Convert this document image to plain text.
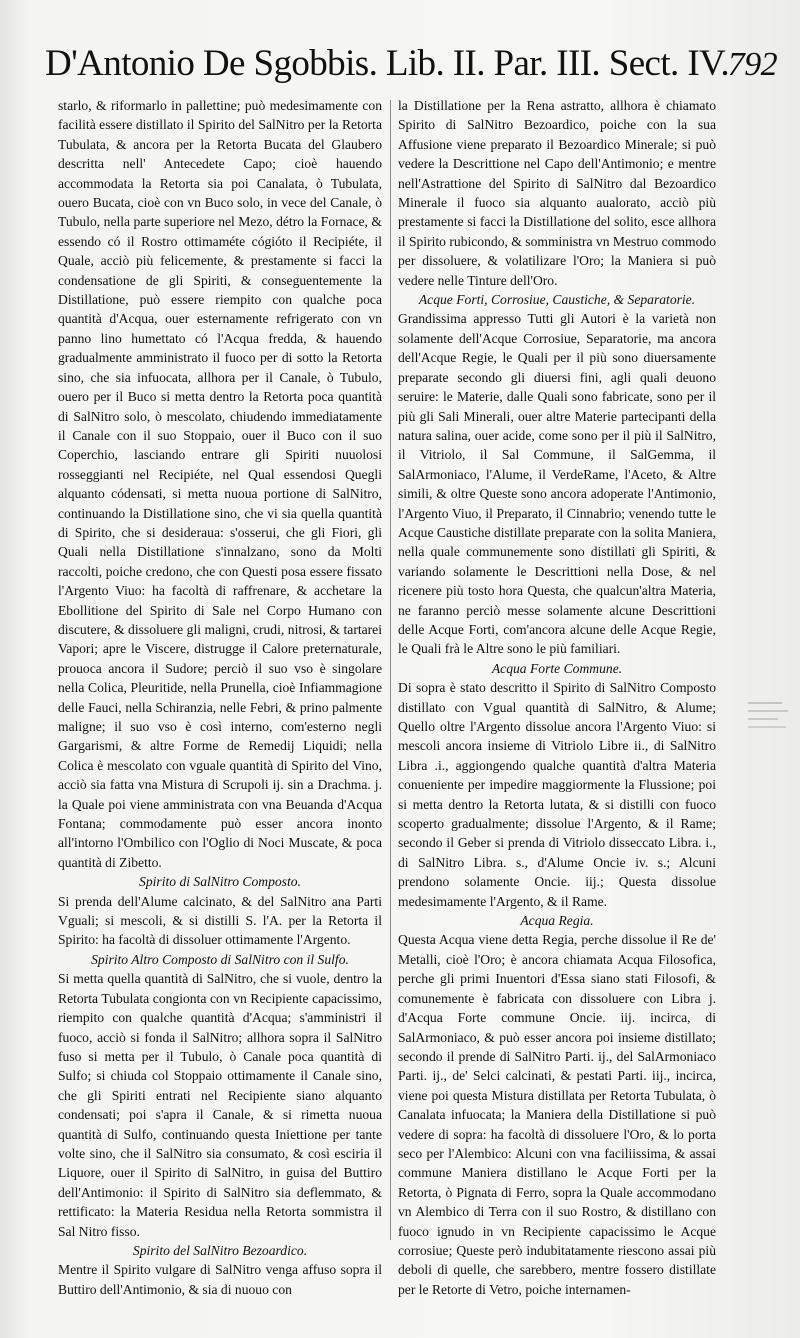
D'Antonio De Sgobbis. Lib. II. Par. III. Sect. IV.
792

starlo, & riformarlo in pallettine; può medesimamente con facilità essere distillato il Spirito del SalNitro per la Retorta Tubulata, & ancora per la Retorta Bucata del Glaubero descritta nell' Antecedete Capo; cioè hauendo accommodata la Retorta sia poi Canalata, ò Tubulata, ouero Bucata, cioè con vn Buco solo, in vece del Canale, ò Tubulo, nella parte superiore nel Mezo, détro la Fornace, & essendo có il Rostro ottimaméte cógióto il Recipiéte, il Quale, acciò più felicemente, & prestamente si facci la condensatione de gli Spiriti, & conseguentemente la Distillatione, può essere riempito con qualche poca quantità d'Acqua, ouer esternamente refrigerato con vn panno lino humettato có l'Acqua fredda, & hauendo gradualmente amministrato il fuoco per di sotto la Retorta sino, che sia infuocata, allhora per il Canale, ò Tubulo, ouero per il Buco si metta dentro la Retorta poca quantità di SalNitro solo, ò mescolato, chiudendo immediatamente il Canale con il suo Stoppaio, ouer il Buco con il suo Coperchio, lasciando entrare gli Spiriti nuuolosi rosseggianti nel Recipiéte, nel Qual essendosi Quegli alquanto códensati, si metta nuoua portione di SalNitro, continuando la Distillatione sino, che vi sia quella quantità di Spirito, che si desideraua: s'osserui, che gli Fiori, gli Quali nella Distillatione s'innalzano, sono da Molti raccolti, poiche credono, che con Questi posa essere fissato l'Argento Viuo: ha facoltà di raffrenare, & acchetare la Ebollitione del Spirito di Sale nel Corpo Humano con discutere, & dissoluere gli maligni, crudi, nitrosi, & tartarei Vapori; apre le Viscere, distrugge il Calore preternaturale, prouoca ancora il Sudore; perciò il suo vso è singolare nella Colica, Pleuritide, nella Prunella, cioè Infiammagione delle Fauci, nella Schiranzia, nelle Febri, & prino palmente maligne; il suo vso è così interno, com'esterno negli Gargarismi, & altre Forme de Remedij Liquidi; nella Colica è mescolato con vguale quantità di Spirito del Vino, acciò sia fatta vna Mistura di Scrupoli ij. sin a Drachma. j. la Quale poi viene amministrata con vna Beuanda d'Acqua Fontana; commodamente può esser ancora inonto all'intorno l'Ombilico con l'Oglio di Noci Muscate, & poca quantità di Zibetto.

Spirito di SalNitro Composto.

Si prenda dell'Alume calcinato, & del SalNitro ana Parti Vguali; si mescoli, & si distilli S. l'A. per la Retorta il Spirito: ha facoltà di dissoluer ottimamente l'Argento.

Spirito Altro Composto di SalNitro con il Sulfo.

Si metta quella quantità di SalNitro, che si vuole, dentro la Retorta Tubulata congionta con vn Recipiente capacissimo, riempito con qualche quantità d'Acqua; s'amministri il fuoco, acciò si fonda il SalNitro; allhora sopra il SalNitro fuso si metta per il Tubulo, ò Canale poca quantità di Sulfo; si chiuda col Stoppaio ottimamente il Canale sino, che gli Spiriti entrati nel Recipiente siano alquanto condensati; poi s'apra il Canale, & si rimetta nuoua quantità di Sulfo, continuando questa Iniettione per tante volte sino, che il SalNitro sia consumato, & così esciria il Liquore, ouer il Spirito di SalNitro, in guisa del Buttiro dell'Antimonio: il Spirito di SalNitro sia deflemmato, & rettificato: la Materia Residua nella Retorta sommistra il Sal Nitro fisso.

Spirito del SalNitro Bezoardico.

Mentre il Spirito vulgare di SalNitro venga affuso sopra il Buttiro dell'Antimonio, & sia di nuouo con

la Distillatione per la Rena astratto, allhora è chiamato Spirito di SalNitro Bezoardico, poiche con la sua Affusione viene preparato il Bezoardico Minerale; si può vedere la Descrittione nel Capo dell'Antimonio; e mentre nell'Astrattione del Spirito di SalNitro dal Bezoardico Minerale il fuoco sia alquanto aualorato, acciò più prestamente si facci la Distillatione del solito, esce allhora il Spirito rubicondo, & somministra vn Mestruo commodo per dissoluere, & volatilizare l'Oro; la Maniera si può vedere nelle Tinture dell'Oro.

Acque Forti, Corrosiue, Caustiche, & Separatorie.

Grandissima appresso Tutti gli Autori è la varietà non solamente dell'Acque Corrosiue, Separatorie, ma ancora dell'Acque Regie, le Quali per il più sono diuersamente preparate secondo gli diuersi fini, agli quali deuono seruire: le Materie, dalle Quali sono fabricate, sono per il più gli Sali Minerali, ouer altre Materie partecipanti della natura salina, ouer acide, come sono per il più il SalNitro, il Vitriolo, il Sal Commune, il SalGemma, il SalArmoniaco, l'Alume, il VerdeRame, l'Aceto, & Altre simili, & oltre Queste sono ancora adoperate l'Antimonio, l'Argento Viuo, il Preparato, il Cinnabrio; venendo tutte le Acque Caustiche distillate preparate con la solita Maniera, nella quale communemente sono distillati gli Spiriti, & variando solamente le Descrittioni nella Dose, & nel ricenere più tosto hora Questa, che qualcun'altra Materia, ne faranno perciò messe solamente alcune Descrittioni delle Acque Forti, com'ancora alcune delle Acque Regie, le Quali frà le Altre sono le più familiari.

Acqua Forte Commune.

Di sopra è stato descritto il Spirito di SalNitro Composto distillato con Vgual quantità di SalNitro, & Alume; Quello oltre l'Argento dissolue ancora l'Argento Viuo: si mescoli ancora insieme di Vitriolo Libre ii., di SalNitro Libra .i., aggiongendo qualche quantità d'altra Materia conueniente per impedire maggiormente la Flussione; poi si metta dentro la Retorta lutata, & si distilli con fuoco scoperto gradualmente; dissolue l'Argento, & il Rame; secondo il Geber si prenda di Vitriolo disseccato Libra. i., di SalNitro Libra. s., d'Alume Oncie iv. s.; Alcuni prendono solamente Oncie. iij.; Questa dissolue medesimamente l'Argento, & il Rame.

Acqua Regia.

Questa Acqua viene detta Regia, perche dissolue il Re de' Metalli, cioè l'Oro; è ancora chiamata Acqua Filosofica, perche gli primi Inuentori d'Essa siano stati Filosofi, & comunemente è fabricata con dissoluere con Libra j. d'Acqua Forte commune Oncie. iij. incirca, di SalArmoniaco, & può esser ancora poi insieme distillato; secondo il prende di SalNitro Parti. ij., del SalArmoniaco Parti. ij., de' Selci calcinati, & pestati Parti. iij., incirca, viene poi questa Mistura distillata per Retorta Tubulata, ò Canalata infuocata; la Maniera della Distillatione si può vedere di sopra: ha facoltà di dissoluere l'Oro, & lo porta seco per l'Alembico: Alcuni con vna faciliissima, & assai commune Maniera distillano le Acque Forti per la Retorta, ò Pignata di Ferro, sopra la Quale accommodano vn Alembico di Terra con il suo Rostro, & distillano con fuoco ignudo in vn Recipiente capacissimo le Acque corrosiue; Queste però indubitatamente riescono assai più deboli di quelle, che sarebbero, mentre fossero distillate per le Retorte di Vetro, poiche internamen-
